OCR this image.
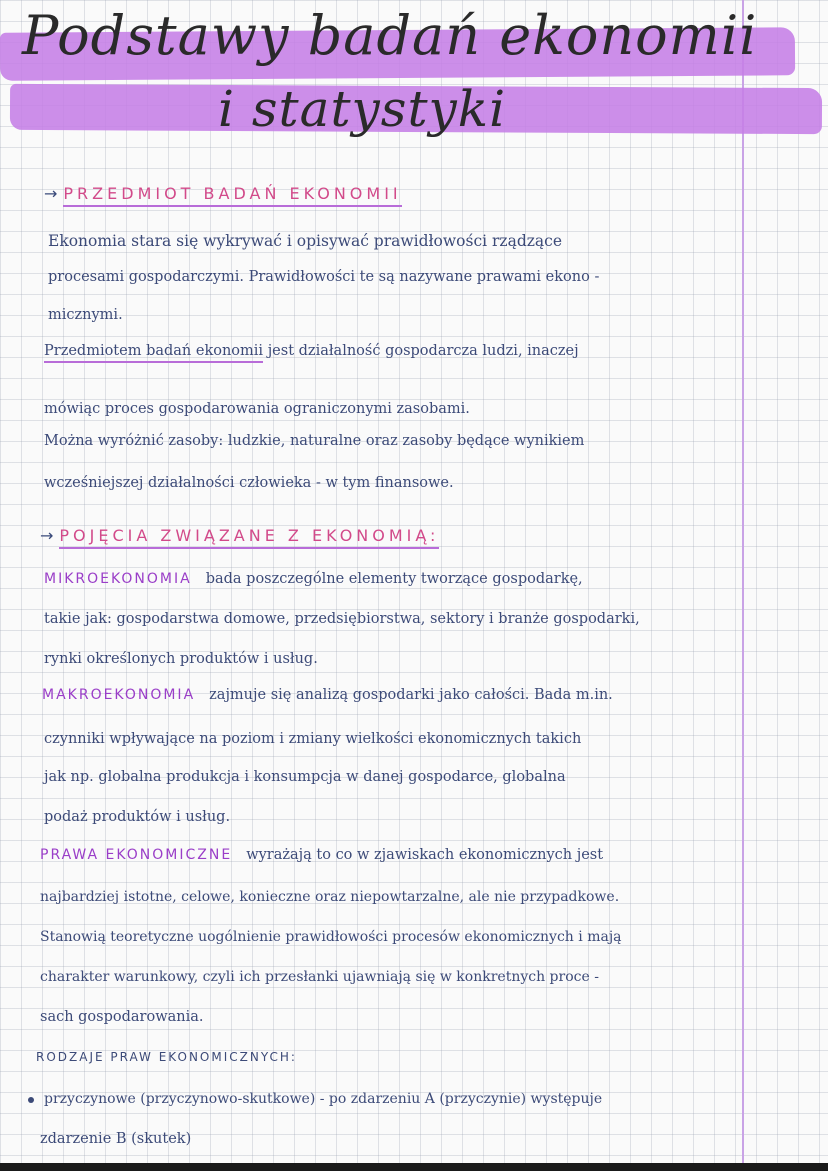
Podstawy badań ekonomii
i statystyki
→ PRZEDMIOT BADAŃ EKONOMII

Ekonomia stara się wykrywać i opisywać prawidłowości rządzące

procesami gospodarczymi. Prawidłowości te są nazywane prawami ekono -

micznymi.

Przedmiotem badań ekonomii jest działalność gospodarcza ludzi, inaczej

mówiąc proces gospodarowania ograniczonymi zasobami.

Można wyróżnić zasoby: ludzkie, naturalne oraz zasoby będące wynikiem

wcześniejszej działalności człowieka - w tym finansowe.

→ POJĘCIA ZWIĄZANE Z EKONOMIĄ:

MIKROEKONOMIA bada poszczególne elementy tworzące gospodarkę,

takie jak: gospodarstwa domowe, przedsiębiorstwa, sektory i branże gospodarki,

rynki określonych produktów i usług.

MAKROEKONOMIA zajmuje się analizą gospodarki jako całości. Bada m.in.

czynniki wpływające na poziom i zmiany wielkości ekonomicznych takich

jak np. globalna produkcja i konsumpcja w danej gospodarce, globalna

podaż produktów i usług.

PRAWA EKONOMICZNE wyrażają to co w zjawiskach ekonomicznych jest

najbardziej istotne, celowe, konieczne oraz niepowtarzalne, ale nie przypadkowe.

Stanowią teoretyczne uogólnienie prawidłowości procesów ekonomicznych i mają

charakter warunkowy, czyli ich przesłanki ujawniają się w konkretnych proce -

sach gospodarowania.

RODZAJE PRAW EKONOMICZNYCH:

przyczynowe (przyczynowo-skutkowe) - po zdarzeniu A (przyczynie) występuje

zdarzenie B (skutek)
